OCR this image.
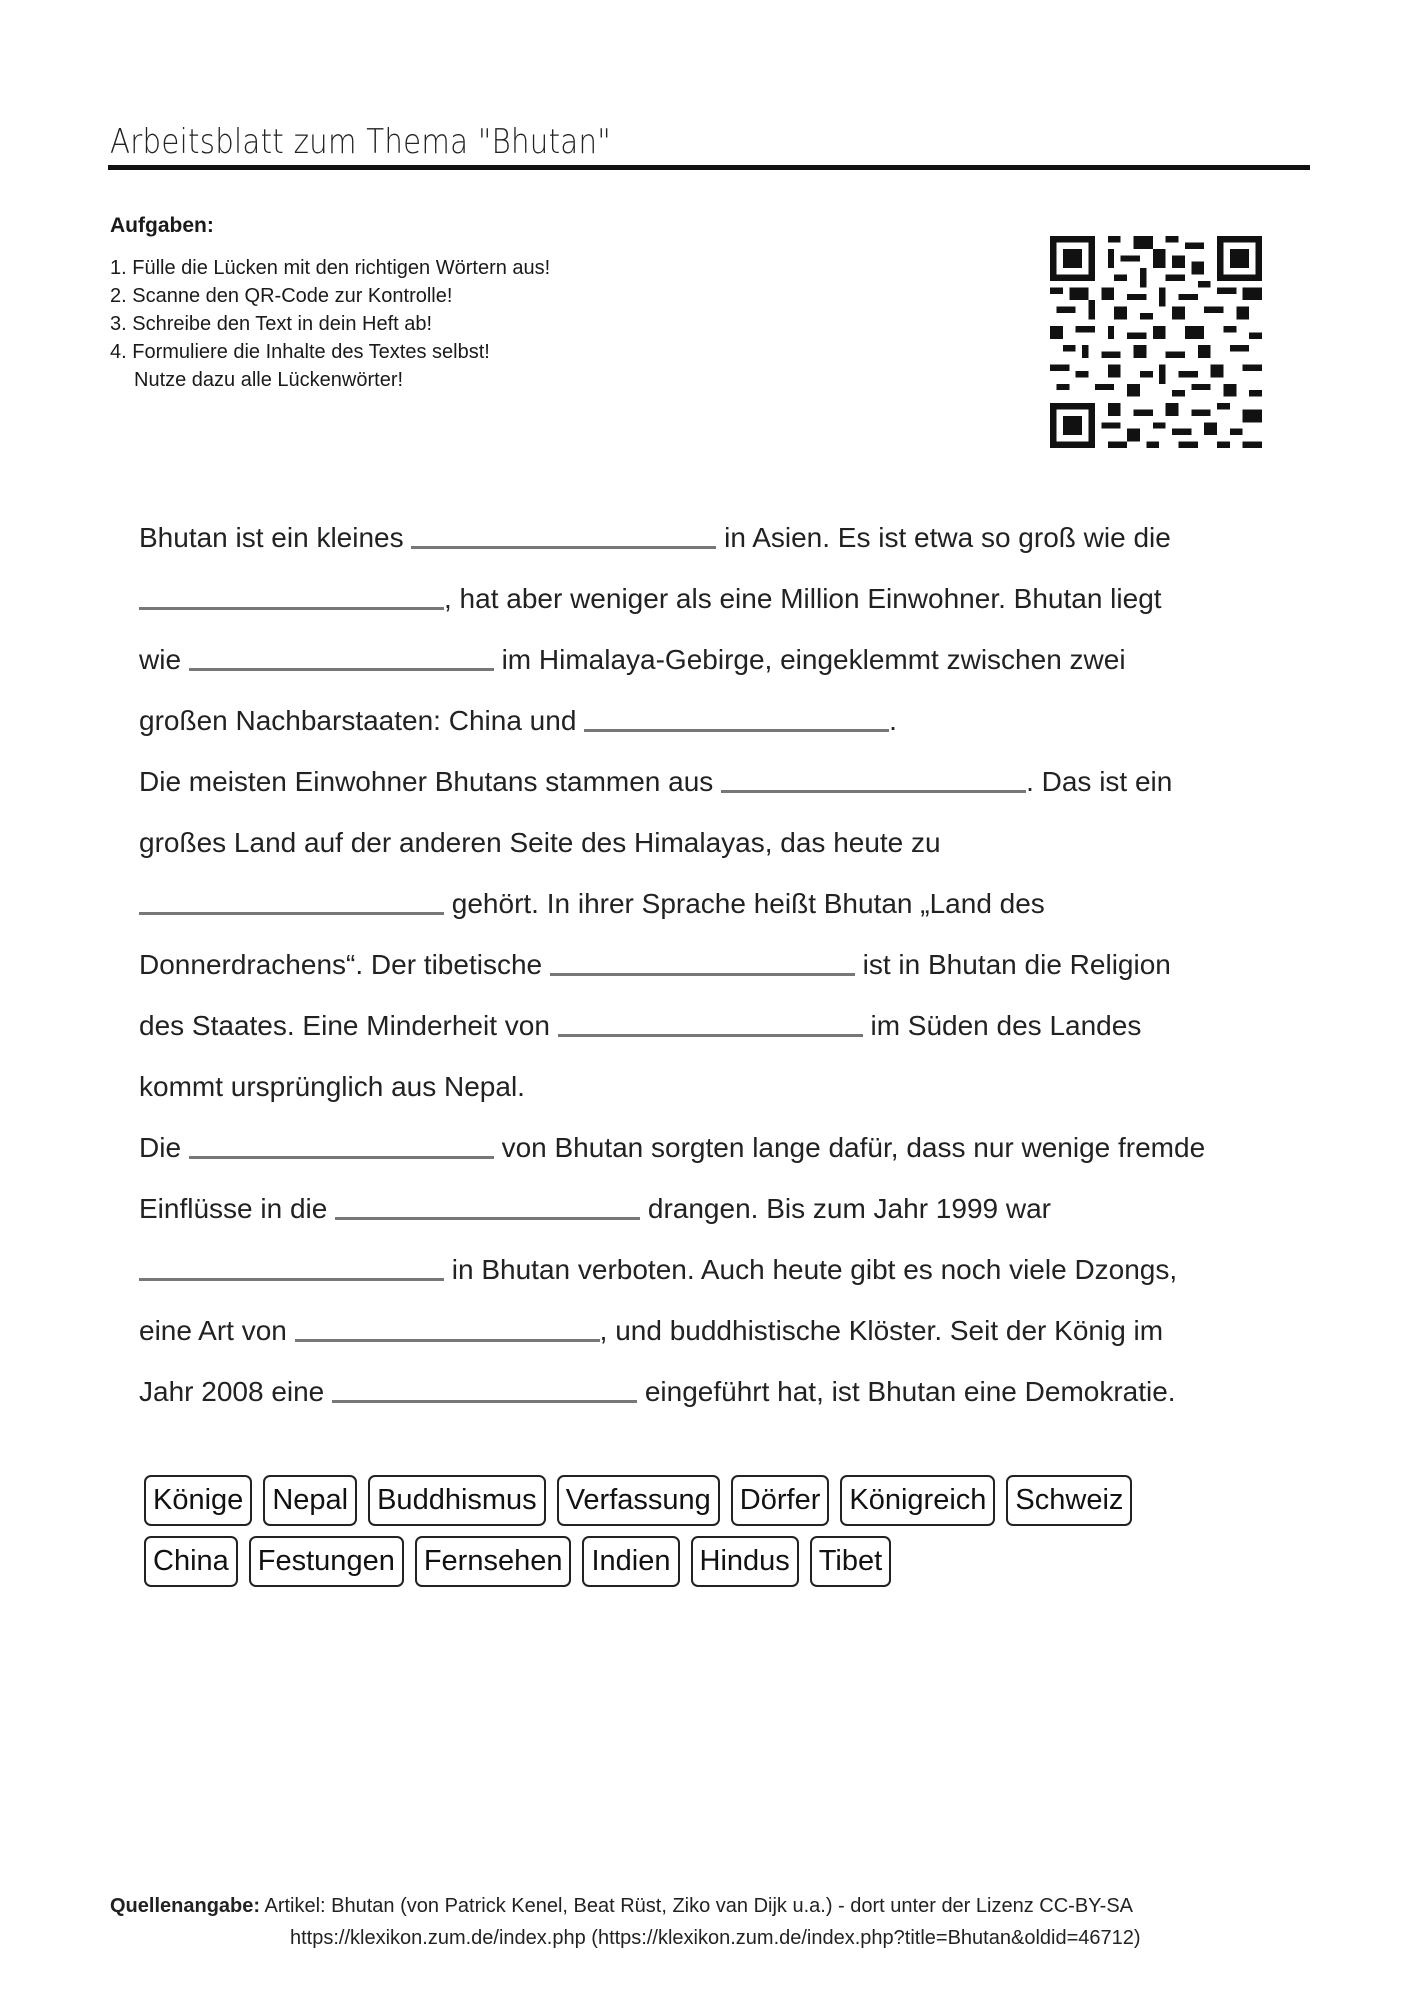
Arbeitsblatt zum Thema "Bhutan"
Aufgaben:
1. Fülle die Lücken mit den richtigen Wörtern aus!
2. Scanne den QR-Code zur Kontrolle!
3. Schreibe den Text in dein Heft ab!
4. Formuliere die Inhalte des Textes selbst!
Nutze dazu alle Lückenwörter!
Bhutan ist ein kleines	in Asien. Es ist etwa so groß wie die
, hat aber weniger als eine Million Einwohner. Bhutan liegt
wie	im Himalaya-Gebirge, eingeklemmt zwischen zwei
großen Nachbarstaaten: China und	.
Die meisten Einwohner Bhutans stammen aus	. Das ist ein
großes Land auf der anderen Seite des Himalayas, das heute zu
gehört. In ihrer Sprache heißt Bhutan „Land des
Donnerdrachens“. Der tibetische	ist in Bhutan die Religion
des Staates. Eine Minderheit von	im Süden des Landes
kommt ursprünglich aus Nepal.
Die	von Bhutan sorgten lange dafür, dass nur wenige fremde
Einflüsse in die	drangen. Bis zum Jahr 1999 war
in Bhutan verboten. Auch heute gibt es noch viele Dzongs,
eine Art von	, und buddhistische Klöster. Seit der König im
Jahr 2008 eine	eingeführt hat, ist Bhutan eine Demokratie.
Könige	Nepal	Buddhismus	Verfassung	Dörfer	Königreich	Schweiz
China	Festungen	Fernsehen	Indien	Hindus	Tibet
Quellenangabe: Artikel: Bhutan (von Patrick Kenel, Beat Rüst, Ziko van Dijk u.a.) - dort unter der Lizenz CC-BY-SA
https://klexikon.zum.de/index.php (https://klexikon.zum.de/index.php?title=Bhutan&oldid=46712)
